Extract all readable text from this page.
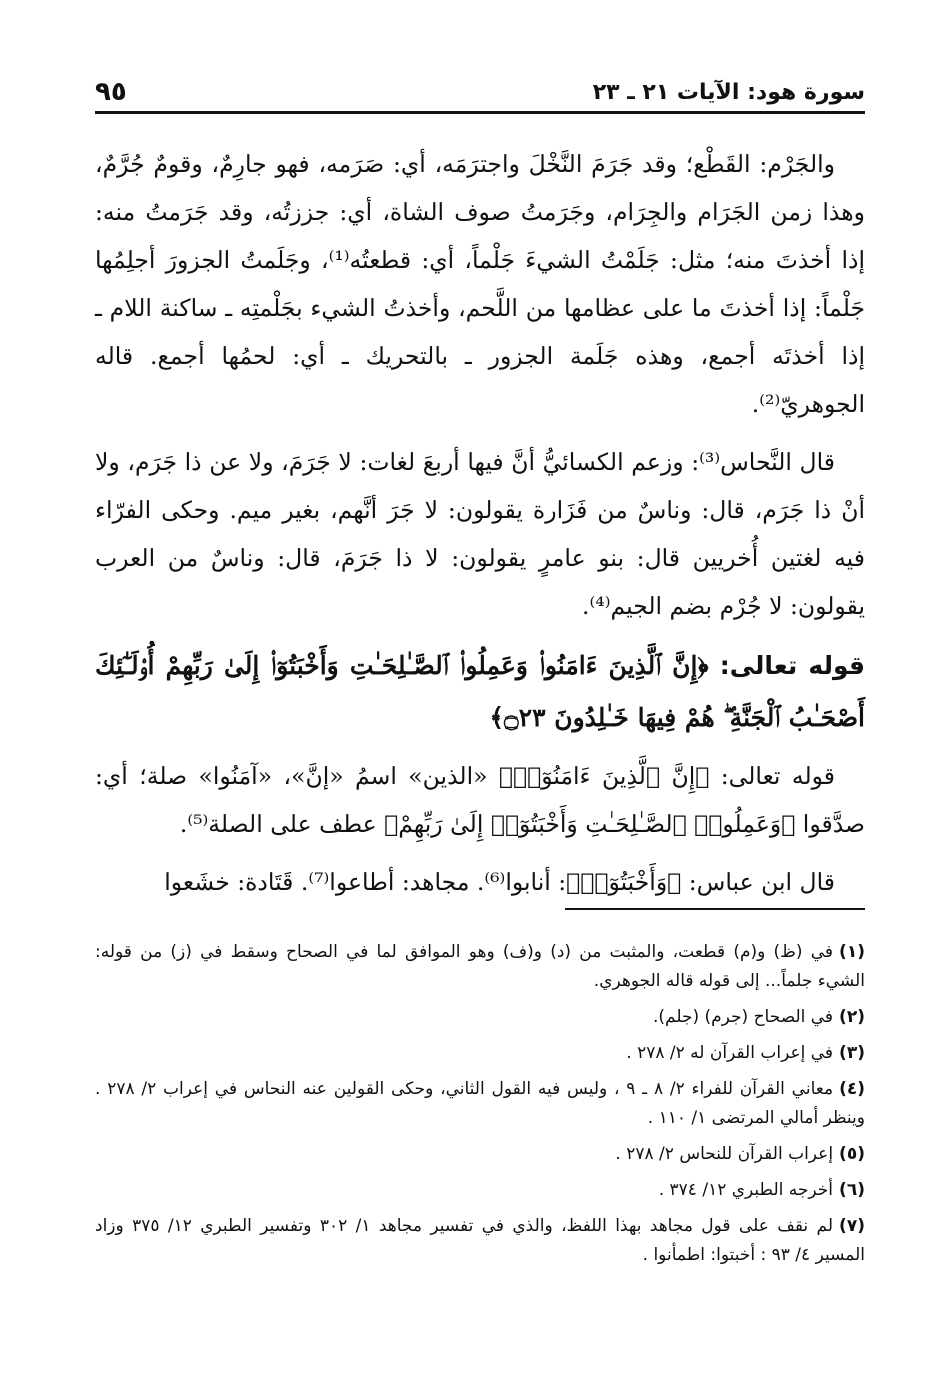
سورة هود: الآيات ٢١ ـ ٢٣
٩٥

والجَرْم: القَطْع؛ وقد جَرَمَ النَّخْلَ واجترَمَه، أي: صَرَمه، فهو جارِمٌ، وقومٌ جُرَّمٌ، وهذا زمن الجَرَام والجِرَام، وجَرَمتُ صوف الشاة، أي: جززتُه، وقد جَرَمتُ منه: إذا أخذتَ منه؛ مثل: جَلَمْتُ الشيءَ جَلْماً، أي: قطعتُه⁽¹⁾، وجَلَمتُ الجزورَ أجلِمُها جَلْماً: إذا أخذتَ ما على عظامها من اللَّحم، وأخذتُ الشيء بجَلْمتِه ـ ساكنة اللام ـ إذا أخذتَه أجمع، وهذه جَلَمة الجزور ـ بالتحريك ـ أي: لحمُها أجمع. قاله الجوهريّ⁽²⁾.

قال النَّحاس⁽³⁾: وزعم الكسائيُّ أنَّ فيها أربعَ لغات: لا جَرَمَ، ولا عن ذا جَرَم، ولا أنْ ذا جَرَم، قال: وناسٌ من فَزَارة يقولون: لا جَرَ أنَّهم، بغير ميم. وحكى الفرّاء فيه لغتين أُخريين قال: بنو عامرٍ يقولون: لا ذا جَرَمَ، قال: وناسٌ من العرب يقولون: لا جُرْم بضم الجيم⁽⁴⁾.

قوله تعالى: ﴿إِنَّ ٱلَّذِينَ ءَامَنُوا۟ وَعَمِلُوا۟ ٱلصَّـٰلِحَـٰتِ وَأَخْبَتُوٓا۟ إِلَىٰ رَبِّهِمْ أُو۟لَـٰٓئِكَ أَصْحَـٰبُ ٱلْجَنَّةِ ۖ هُمْ فِيهَا خَـٰلِدُونَ ۝٢٣﴾

قوله تعالى: ﴿إِنَّ ٱلَّذِينَ ءَامَنُوٓا۟﴾ «الذين» اسمُ «إنَّ»، «آمَنُوا» صلة؛ أي: صدَّقوا ﴿وَعَمِلُوا۟ ٱلصَّـٰلِحَـٰتِ وَأَخْبَتُوٓا۟ إِلَىٰ رَبِّهِمْ﴾ عطف على الصلة⁽⁵⁾.

قال ابن عباس: ﴿وَأَخْبَتُوٓا۟﴾: أنابوا⁽⁶⁾. مجاهد: أطاعوا⁽⁷⁾. قَتَادة: خشَعوا

(١)في (ظ) و(م) قطعت، والمثبت من (د) و(ف) وهو الموافق لما في الصحاح وسقط في (ز) من قوله: الشيء جلماً... إلى قوله قاله الجوهري.

(٢)في الصحاح (جرم) (جلم).

(٣)في إعراب القرآن له ٢/ ٢٧٨ .

(٤)معاني القرآن للفراء ٢/ ٨ ـ ٩ ، وليس فيه القول الثاني، وحكى القولين عنه النحاس في إعراب ٢/ ٢٧٨ . وينظر أمالي المرتضى ١/ ١١٠ .

(٥)إعراب القرآن للنحاس ٢/ ٢٧٨ .

(٦)أخرجه الطبري ١٢/ ٣٧٤ .

(٧)لم نقف على قول مجاهد بهذا اللفظ، والذي في تفسير مجاهد ١/ ٣٠٢ وتفسير الطبري ١٢/ ٣٧٥ وزاد المسير ٤/ ٩٣ : أخبتوا: اطمأنوا .
